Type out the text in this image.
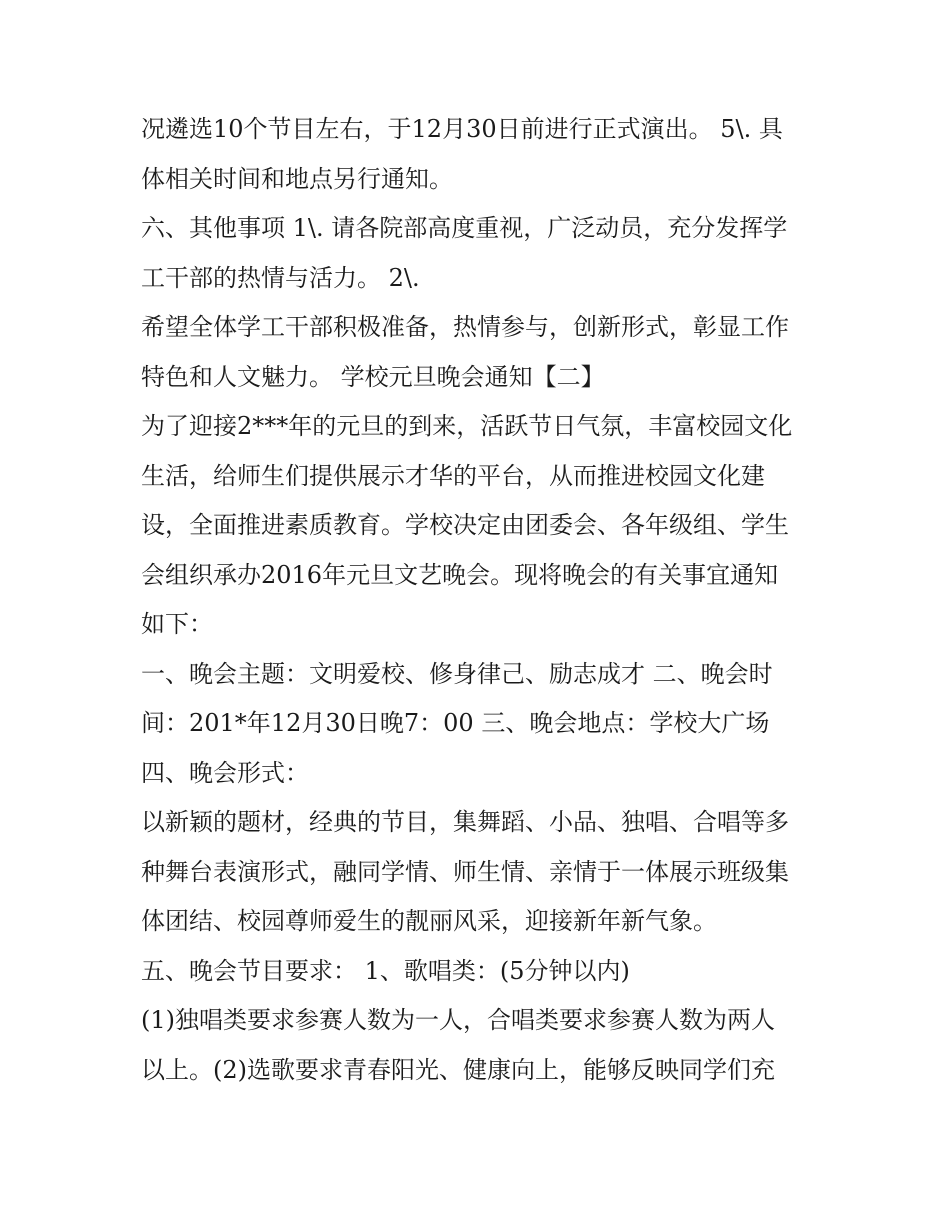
况遴选10个节目左右，于12月30日前进行正式演出。 5\. 具
体相关时间和地点另行通知。
六、其他事项 1\. 请各院部高度重视，广泛动员，充分发挥学
工干部的热情与活力。 2\.
希望全体学工干部积极准备，热情参与，创新形式，彰显工作
特色和人文魅力。 学校元旦晚会通知【二】
为了迎接2***年的元旦的到来，活跃节日气氛，丰富校园文化
生活，给师生们提供展示才华的平台，从而推进校园文化建
设，全面推进素质教育。学校决定由团委会、各年级组、学生
会组织承办2016年元旦文艺晚会。现将晚会的有关事宜通知
如下：
一、晚会主题：文明爱校、修身律己、励志成才 二、晚会时
间：201*年12月30日晚7：00 三、晚会地点：学校大广场
四、晚会形式：
以新颖的题材，经典的节目，集舞蹈、小品、独唱、合唱等多
种舞台表演形式，融同学情、师生情、亲情于一体展示班级集
体团结、校园尊师爱生的靓丽风采，迎接新年新气象。
五、晚会节目要求： 1、歌唱类：(5分钟以内)
(1)独唱类要求参赛人数为一人，合唱类要求参赛人数为两人
以上。(2)选歌要求青春阳光、健康向上，能够反映同学们充
